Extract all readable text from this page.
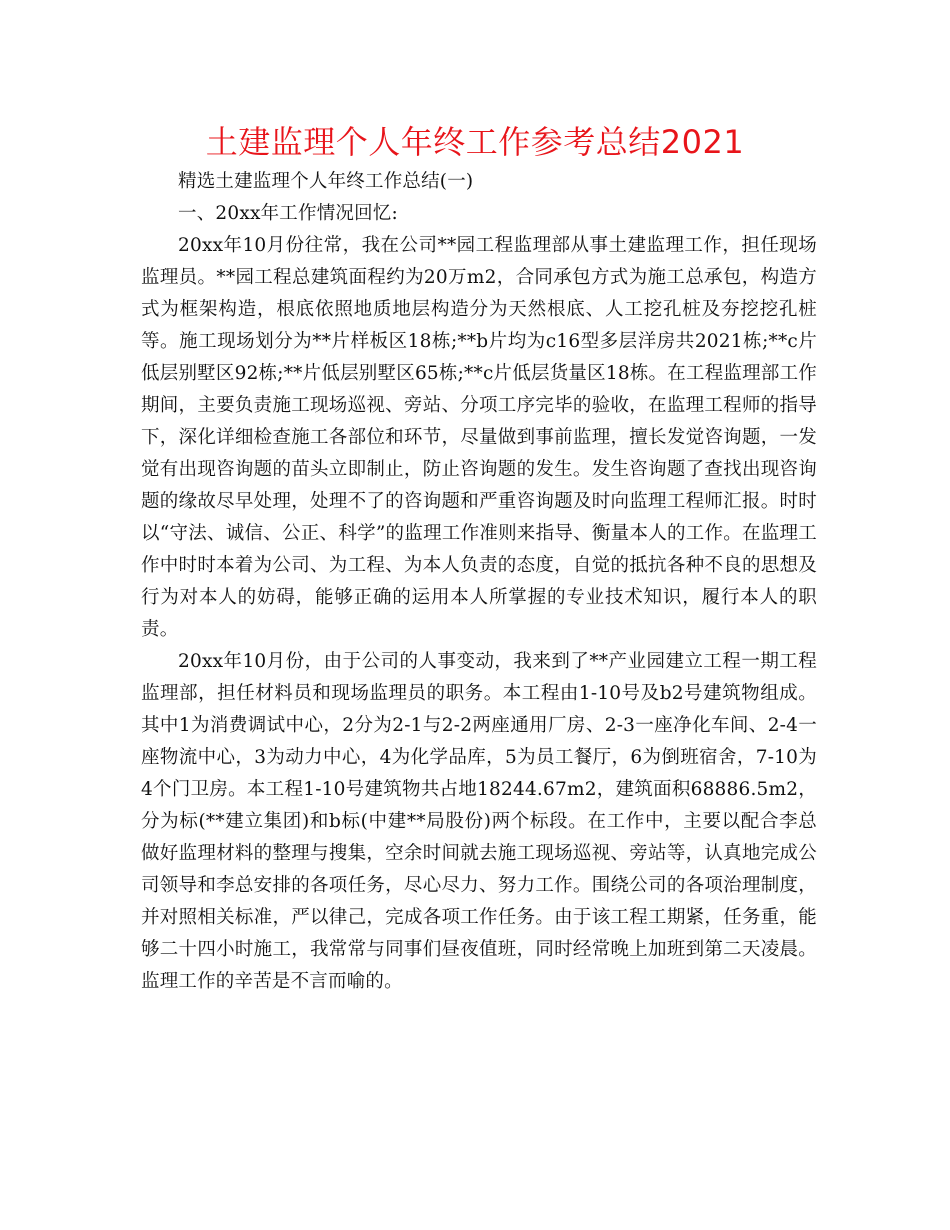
土建监理个人年终工作参考总结2021

精选土建监理个人年终工作总结(一)

一、20xx年工作情况回忆:

20xx年10月份往常，我在公司**园工程监理部从事土建监理工作，担任现场监理员。**园工程总建筑面程约为20万m2，合同承包方式为施工总承包，构造方式为框架构造，根底依照地质地层构造分为天然根底、人工挖孔桩及夯挖挖孔桩等。施工现场划分为**片样板区18栋;**b片均为c16型多层洋房共2021栋;**c片低层别墅区92栋;**片低层别墅区65栋;**c片低层货量区18栋。在工程监理部工作期间，主要负责施工现场巡视、旁站、分项工序完毕的验收，在监理工程师的指导下，深化详细检查施工各部位和环节，尽量做到事前监理，擅长发觉咨询题，一发觉有出现咨询题的苗头立即制止，防止咨询题的发生。发生咨询题了查找出现咨询题的缘故尽早处理，处理不了的咨询题和严重咨询题及时向监理工程师汇报。时时以“守法、诚信、公正、科学”的监理工作准则来指导、衡量本人的工作。在监理工作中时时本着为公司、为工程、为本人负责的态度，自觉的抵抗各种不良的思想及行为对本人的妨碍，能够正确的运用本人所掌握的专业技术知识，履行本人的职责。

20xx年10月份，由于公司的人事变动，我来到了**产业园建立工程一期工程监理部，担任材料员和现场监理员的职务。本工程由1-10号及b2号建筑物组成。其中1为消费调试中心，2分为2-1与2-2两座通用厂房、2-3一座净化车间、2-4一座物流中心，3为动力中心，4为化学品库，5为员工餐厅，6为倒班宿舍，7-10为4个门卫房。本工程1-10号建筑物共占地18244.67m2，建筑面积68886.5m2，分为标(**建立集团)和b标(中建**局股份)两个标段。在工作中，主要以配合李总做好监理材料的整理与搜集，空余时间就去施工现场巡视、旁站等，认真地完成公司领导和李总安排的各项任务，尽心尽力、努力工作。围绕公司的各项治理制度，并对照相关标准，严以律己，完成各项工作任务。由于该工程工期紧，任务重，能够二十四小时施工，我常常与同事们昼夜值班，同时经常晚上加班到第二天凌晨。监理工作的辛苦是不言而喻的。
